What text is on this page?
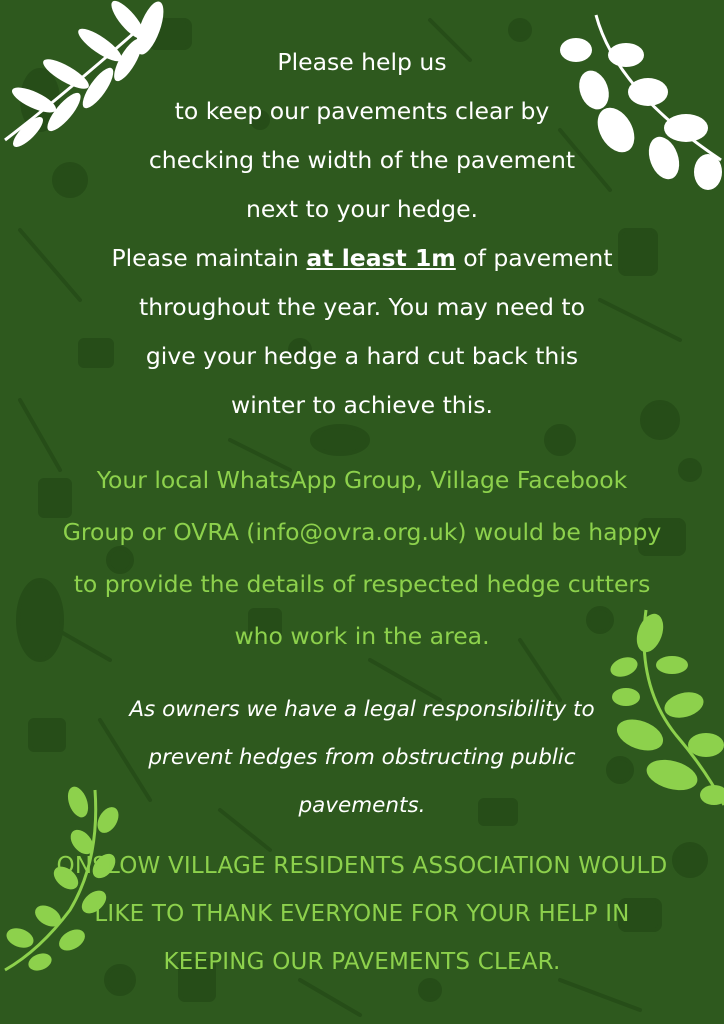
Please help us
to keep our pavements clear by
checking the width of the pavement
next to your hedge.
Please maintain at least 1m of pavement
throughout the year. You may need to
give your hedge a hard cut back this
winter to achieve this.
Your local WhatsApp Group, Village Facebook
Group or OVRA (info@ovra.org.uk) would be happy
to provide the details of respected hedge cutters
who work in the area.
As owners we have a legal responsibility to
prevent hedges from obstructing public
pavements.
ONSLOW VILLAGE RESIDENTS ASSOCIATION WOULD
LIKE TO THANK EVERYONE FOR YOUR HELP IN
KEEPING OUR PAVEMENTS CLEAR.
